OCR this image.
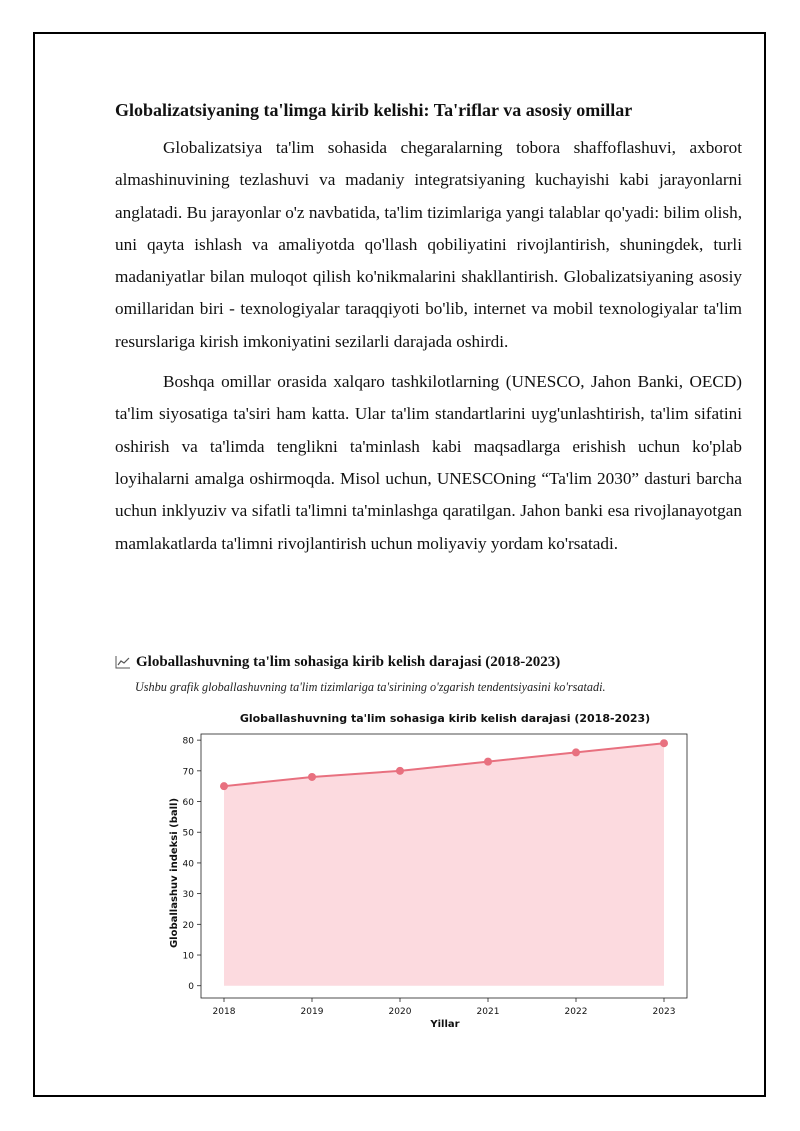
Globalizatsiyaning ta'limga kirib kelishi: Ta'riflar va asosiy omillar

Globalizatsiya ta'lim sohasida chegaralarning tobora shaffoflashuvi, axborot almashinuvining tezlashuvi va madaniy integratsiyaning kuchayishi kabi jarayonlarni anglatadi. Bu jarayonlar o'z navbatida, ta'lim tizimlariga yangi talablar qo'yadi: bilim olish, uni qayta ishlash va amaliyotda qo'llash qobiliyatini rivojlantirish, shuningdek, turli madaniyatlar bilan muloqot qilish ko'nikmalarini shakllantirish. Globalizatsiyaning asosiy omillaridan biri - texnologiyalar taraqqiyoti bo'lib, internet va mobil texnologiyalar ta'lim resurslariga kirish imkoniyatini sezilarli darajada oshirdi.

Boshqa omillar orasida xalqaro tashkilotlarning (UNESCO, Jahon Banki, OECD) ta'lim siyosatiga ta'siri ham katta. Ular ta'lim standartlarini uyg'unlashtirish, ta'lim sifatini oshirish va ta'limda tenglikni ta'minlash kabi maqsadlarga erishish uchun ko'plab loyihalarni amalga oshirmoqda. Misol uchun, UNESCOning “Ta'lim 2030” dasturi barcha uchun inklyuziv va sifatli ta'limni ta'minlashga qaratilgan. Jahon banki esa rivojlanayotgan mamlakatlarda ta'limni rivojlantirish uchun moliyaviy yordam ko'rsatadi.

Globallashuvning ta'lim sohasiga kirib kelish darajasi (2018-2023)
Ushbu grafik globallashuvning ta'lim tizimlariga ta'sirining o'zgarish tendentsiyasini ko'rsatadi.
Globallashuvning ta'lim sohasiga kirib kelish darajasi (2018-2023)
0
10
20
30
40
50
60
70
80
2018	2019	2020	2021	2022	2023
Yillar
Globallashuv indeksi (ball)
